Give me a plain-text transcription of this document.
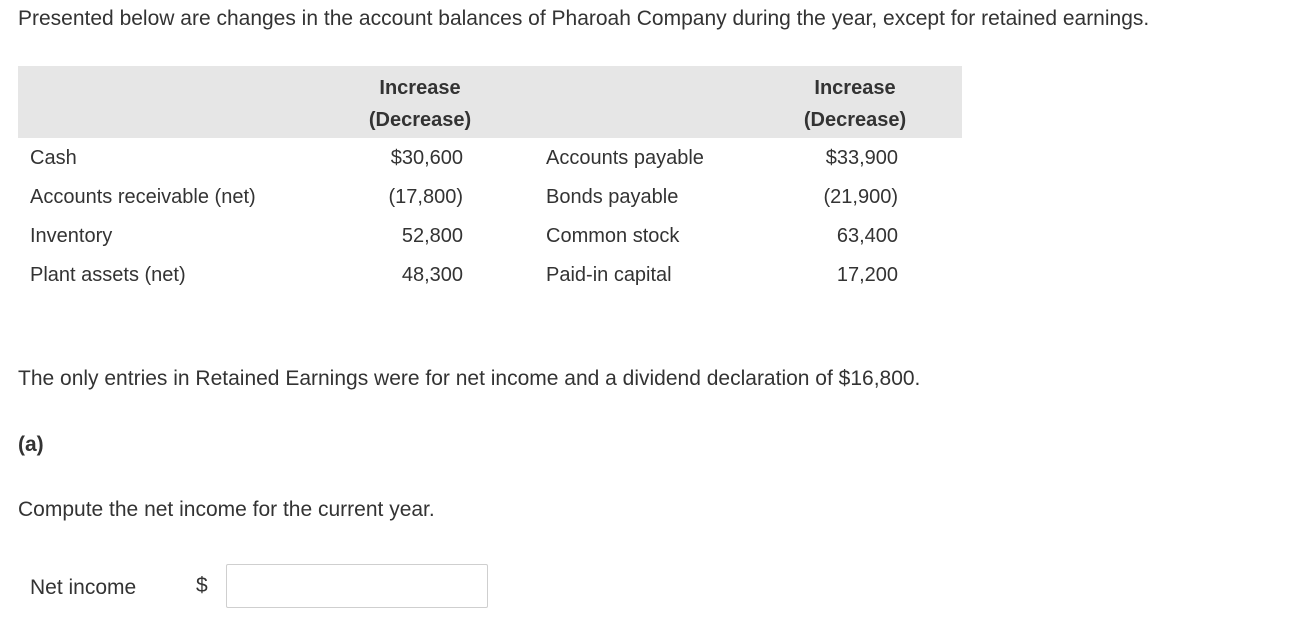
Presented below are changes in the account balances of Pharoah Company during the year, except for retained earnings.
Increase
(Decrease)
Increase
(Decrease)
Cash	$30,600	Accounts payable	$33,900
Accounts receivable (net)	(17,800)	Bonds payable	(21,900)
Inventory	52,800	Common stock	63,400
Plant assets (net)	48,300	Paid-in capital	17,200
The only entries in Retained Earnings were for net income and a dividend declaration of $16,800.
(a)
Compute the net income for the current year.
Net income	$
